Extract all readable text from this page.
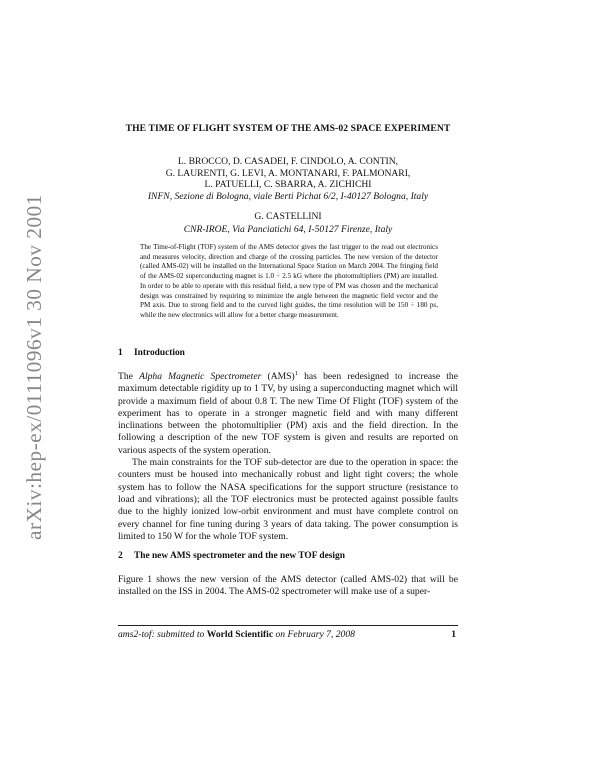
arXiv:hep-ex/0111096v1 30 Nov 2001
THE TIME OF FLIGHT SYSTEM OF THE AMS-02 SPACE EXPERIMENT
L. BROCCO, D. CASADEI, F. CINDOLO, A. CONTIN,
G. LAURENTI, G. LEVI, A. MONTANARI, F. PALMONARI,
L. PATUELLI, C. SBARRA, A. ZICHICHI
INFN, Sezione di Bologna, viale Berti Pichat 6/2, I-40127 Bologna, Italy
G. CASTELLINI
CNR-IROE, Via Panciatichi 64, I-50127 Firenze, Italy
The Time-of-Flight (TOF) system of the AMS detector gives the fast trigger to the read out electronics and measures velocity, direction and charge of the crossing particles. The new version of the detector (called AMS-02) will be installed on the International Space Station on March 2004. The fringing field of the AMS-02 superconducting magnet is 1.0 ÷ 2.5 kG where the photomultipliers (PM) are installed. In order to be able to operate with this residual field, a new type of PM was chosen and the mechanical design was constrained by requiring to minimize the angle between the magnetic field vector and the PM axis. Due to strong field and to the curved light guides, the time resolution will be 150 ÷ 180 ps, while the new electronics will allow for a better charge measurement.
1 Introduction

The Alpha Magnetic Spectrometer (AMS)$^1$ has been redesigned to increase the maximum detectable rigidity up to 1 TV, by using a superconducting magnet which will provide a maximum field of about 0.8 T. The new Time Of Flight (TOF) system of the experiment has to operate in a stronger magnetic field and with many different inclinations between the photomultiplier (PM) axis and the field direction. In the following a description of the new TOF system is given and results are reported on various aspects of the system operation.

The main constraints for the TOF sub-detector are due to the operation in space: the counters must be housed into mechanically robust and light tight covers; the whole system has to follow the NASA specifications for the support structure (resistance to load and vibrations); all the TOF electronics must be protected against possible faults due to the highly ionized low-orbit environment and must have complete control on every channel for fine tuning during 3 years of data taking. The power consumption is limited to 150 W for the whole TOF system.

2 The new AMS spectrometer and the new TOF design

Figure 1 shows the new version of the AMS detector (called AMS-02) that will be installed on the ISS in 2004. The AMS-02 spectrometer will make use of a super-

ams2-tof: submitted to World Scientific on February 7, 2008	1
